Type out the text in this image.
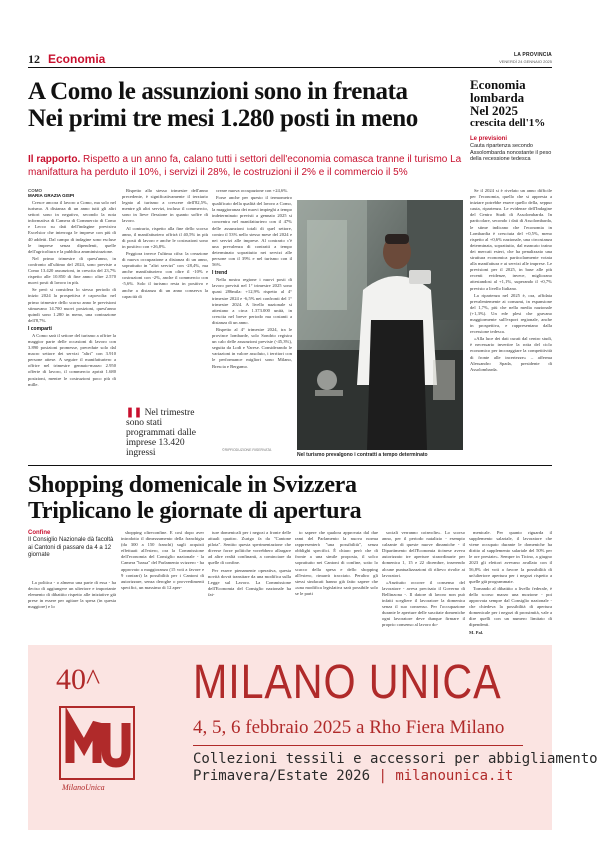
12 Economia	LA PROVINCIA
VENERDÌ 24 GENNAIO 2025
A Como le assunzioni sono in frenata
Nei primi tre mesi 1.280 posti in meno
Economia
lombarda
Nel 2025
crescita dell'1%
Le previsioni
Cauta ripartenza secondo Assolombarda nonostante il peso della recessione tedesca
Il rapporto. Rispetto a un anno fa, calano tutti i settori dell'economia comasca tranne il turismo La manifattura ha perduto il 10%, i servizi il 28%, le costruzioni il 2% e il commercio il 5%
COMO
MARIA GRAZIA GISPI

Cresce ancora il lavoro a Como, ma solo nel turismo. A distanza di un anno tutti gli altri settori sono in negativo, secondo la nota informativa di Camera di Commercio di Como e Lecco su dati dell'indagine previsiva Excelsior che interroga le imprese con più di 40 addetti. Dal campo di indagine sono escluse le imprese senza dipendenti, quelle dell'agricoltura e la pubblica amministrazione.

Nel primo trimestre di quest'anno, in confronto all'ultimo del 2024, sono previste a Como 13.420 assunzioni, in crescita del 23,7% rispetto alle 10.850 di fine anno: oltre 2.570 nuovi posti di lavoro in più.

Se però si considera lo stesso periodo di inizio 2024 la prospettiva è capovolta: nel primo trimestre dello scorso anno le previsioni stimavano 14.700 nuovi posizioni, quest'anno quindi sono 1.280 in meno, una contrazione dell'8,7%.

I comparti

A Como sarà il settore del turismo a offrire la maggior parte delle occasioni di lavoro con 3.890 posizioni promesse, precedute solo dal macro settore dei servizi "altri" con 3.910 persone attese. A seguire il manifatturiero a offrire nel trimestre gennaio-marzo 2.950 offerte di lavoro, il commercio aprirà 1.680 posizioni, mentre le costruzioni poco più di mille.

Rispetto allo stesso trimestre dell'anno precedente, è significativamente il terziario legato al turismo a crescere dell'82,5%, mentre gli altri servizi, incluso il commercio, sono in lieve flessione in quanto soffre di lavoro.

Al contrario, rispetto alla fine dello scorso anno, il manifatturiero offrirà il 40,5% in più di posti di lavoro e anche le costruzioni sono in positivo con +26,8%.

Peggiora invece l'ultima cifra: la creazione di nuova occupazione a distanza di un anno, soprattutto in "altri servizi" con -28,4%, ma anche manifatturiero con oltre il -10% e costruzioni con -2%, anche il commercio con -5,6%. Solo il turismo resta in positivo e anche a distanza di un anno conserva la capacità di

❚❚ Nel trimestre sono stati programmati dalle imprese 13.420 ingressi

creare nuova occupazione con +24,6%.

Forse anche per questo il termometro qualificato della qualità del lavoro a Como, la maggioranza dei nuovi impieghi a tempo indeterminato previsti a gennaio 2025 si concentra nel manifatturiero con il 47% delle assunzioni totali di quel settore, contro il 53% nello stesso mese del 2024 e nei servizi alle imprese. Al contrario c'è una prevalenza di contratti a tempo determinato soprattutto nei servizi alle persone con il 39% e nel turismo con il 56%.

I trend

Nella nostra regione i nuovi posti di lavoro previsti nel 1° trimestre 2025 sono quasi 286mila: +12,9% rispetto al 4° trimestre 2024 e -6,5% nei confronti del 1° trimestre 2024. A livello nazionale si attestano a circa 1.373.000 unità, in crescita nel breve periodo ma costanti a distanza di un anno.

Rispetto al 4° trimestre 2024, tra le province lombarde, solo Sondrio registra un calo delle assunzioni previste (-45,3%), seguita da Lodi e Varese. Considerando le variazioni in valore assoluto, i territori con le performance migliori sono Milano, Brescia e Bergamo.

©RIPRODUZIONE RISERVATA
Nel turismo prevalgono i contratti a tempo determinato

Se il 2024 si è rivelato un anno difficile per l'economia, quello che si appresta a iniziare potrebbe essere quello della, seppur cauta, ripartenza. Le evidenze dell'Indagine del Centro Studi di Assolombarda. In particolare, secondo i dati di Assolombarda, le stime indicano che l'economia in Lombardia è cresciuta del +0,5%, meno rispetto al +0,6% nazionale, una circostanza determinata, soprattutto, dal mancato traino dei mercati esteri, che ha penalizzato una struttura economica particolarmente votata alla manifattura e ai servizi alle imprese. Le previsioni per il 2025, in base alle più recenti evidenze, invece, migliorano attestandosi al +1,1%, superando il +0,7% previsto a livello Italiano.

La ripartenza nel 2025 è, ora, affidata prevalentemente ai consumi, in espansione del 1,7%, più che nella media nazionale (+1,3%). Un ede plesi che gravano maggiormente sull'export regionale, anche in prospettiva, e rappresentano dalla recessione tedesca.

«Alla luce dei dati curati dal centro studi, è necessario invertire la rotta del ciclo economico per incoraggiare la competitività di fronte alle incertezze» – afferma Alessandro Spada, presidente di Assolombarda.

Shopping domenicale in Svizzera
Triplicano le giornate di apertura
Confine
Il Consiglio Nazionale dà facoltà ai Cantoni di passare da 4 a 12 giornate

La politica - o almeno una parte di essa - ha deciso di aggiungere un ulteriore e importante elemento di dibattito rispetto alle iniziative già prese in essere per agitare la spesa (in questa maggiore) e lo

shopping oltreconfine. E così dopo aver introdotto il dimezzamento della franchigia (da 300 a 150 franchi) sugli acquisti effettuati all'estero, ora la Commissione dell'economia del Consiglio nazionale - la Camera "bassa" del Parlamento svizzero - ha approvato a maggioranza (15 voti a favore e 9 contrari) la possibilità per i Cantoni di autorizzare, senza deroghe o provvedimenti specifici, un massimo di 12 aper-

ture domenicali per i negozi a fronte delle attuali quattro. Zurigo fa da "Cantone pilota". Sentito questa sperimentazione che diverse forze politiche vorrebbero allargare ad altre realtà confinanti, a cominciare da quelle di confine.

Per essere pienamente operativa, questa novità dovrà transitare da una modifica sulla Legge sul Lavoro. La Commissione dell'Economia del Consiglio nazionale ha fat-

to sapere che qualora approvata dal due rami del Parlamento la nuova norma rappresenterà "una possibilità", senza obblighi specifici. È chiaro però che di fronte a una simile proposta, il solco soprattutto nei Cantoni di confine, sotto lo scacco della spesa e dello shopping all'estero, rimarrà tracciato. Peraltro gli stessi sindacati hanno già fatto sapere che «una modifica legislativa sarà possibile solo se le parti

sociali verranno coinvolte». Lo scorso anno, per il periodo natalizio - esempio calzante di queste nuove dinamiche - il Dipartimento dell'Economia ticinese aveva autorizzato tre aperture straordinarie per domenica 1, 15 e 22 dicembre, inserendo alcune puntualizzazioni di rilievo rivolte ai lavoratori.

«Anzitutto occorre il consenso del lavoratore - aveva precisato il Governo di Bellinzona -. Il datore di lavoro non può infatti scegliere il lavoratore la domenica senza il suo consenso. Per l'occupazione durante le aperture delle suscitate domeniche ogni lavoratore deve dunque firmare il proprio consenso al lavoro do-

menicale. Per quanto riguarda il supplemento salariale, il lavoratore che viene occupato durante le domeniche ha diritto al supplemento salariale del 50% per le ore prestate». Sempre in Ticino, a giugno 2023 gli elettori avevano avallato con il 56,8% dei voti a favore la possibilità di un'ulteriore apertura per i negozi rispetto a quelle già programmate.

Tornando al dibattito a livello federale, è dello scorso marzo una mozione - poi approvata sempre dal Consiglio nazionale - che chiedeva la possibilità di apertura domenicale per i negozi di prossimità, vale a dire quelli con un numero limitato di dipendenti.

M. Pal.

40^
MilanoUnica
MILANO UNICA
4, 5, 6 febbraio 2025 a Rho Fiera Milano
Collezioni tessili e accessori per abbigliamento
Primavera/Estate 2026 | milanounica.it
